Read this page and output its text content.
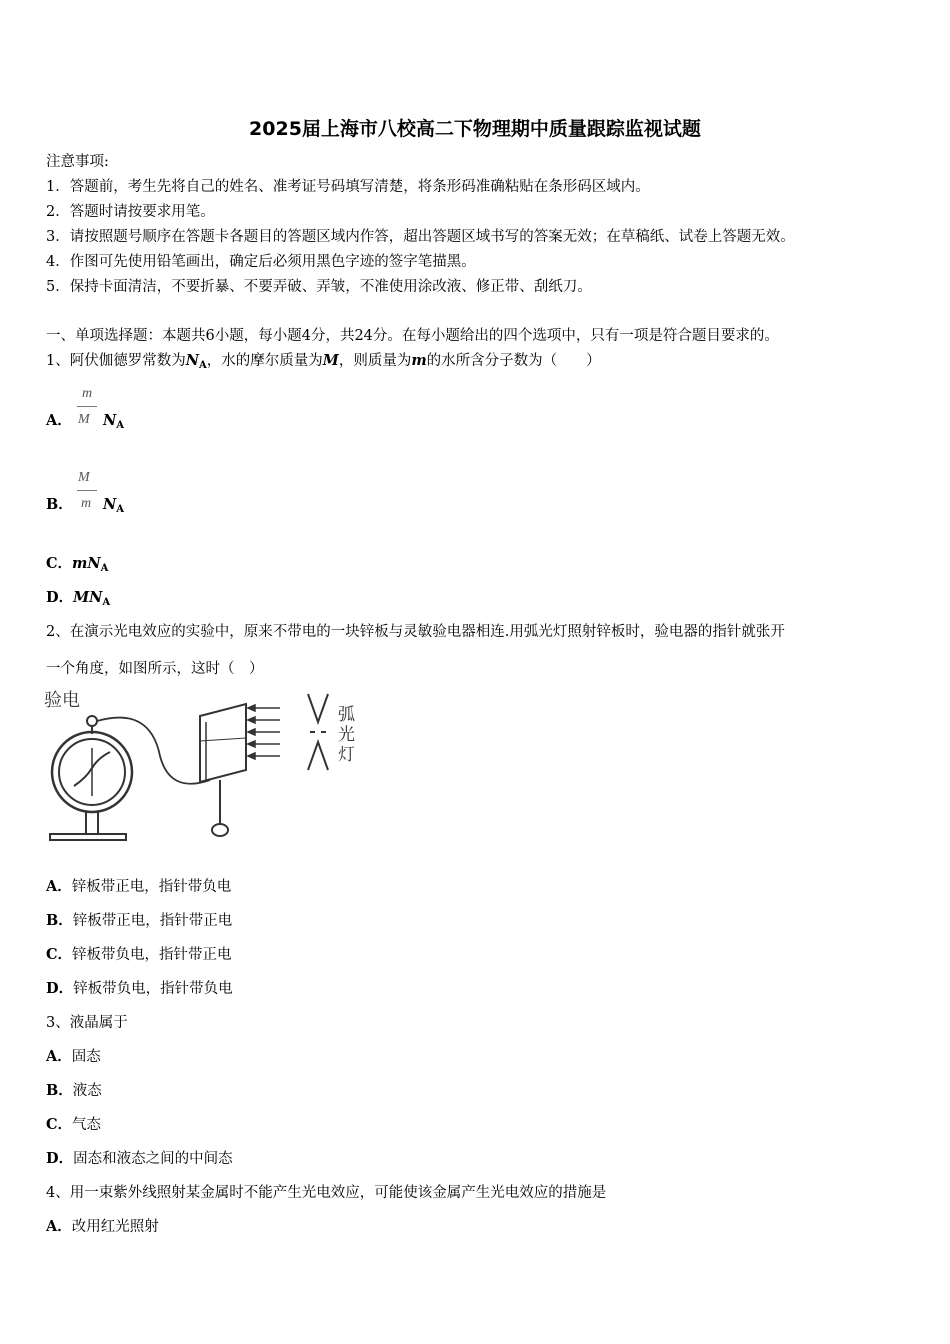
2025届上海市八校高二下物理期中质量跟踪监视试题
注意事项:
1．答题前，考生先将自己的姓名、准考证号码填写清楚，将条形码准确粘贴在条形码区域内。
2．答题时请按要求用笔。
3．请按照题号顺序在答题卡各题目的答题区域内作答，超出答题区域书写的答案无效；在草稿纸、试卷上答题无效。
4．作图可先使用铅笔画出，确定后必须用黑色字迹的签字笔描黑。
5．保持卡面清洁，不要折暴、不要弄破、弄皱，不准使用涂改液、修正带、刮纸刀。
一、单项选择题：本题共6小题，每小题4分，共24分。在每小题给出的四个选项中，只有一项是符合题目要求的。
1、阿伏伽德罗常数为$N_A$，水的摩尔质量为M，则质量为m的水所含分子数为（　　）
A．
m
M $N_A$
B．
M
m $N_A$
C．$mN_A$
D．$MN_A$
2、在演示光电效应的实验中，原来不带电的一块锌板与灵敏验电器相连.用弧光灯照射锌板时，验电器的指针就张开
一个角度，如图所示，这时（　）
验电
弧
光
灯
A．锌板带正电，指针带负电
B．锌板带正电，指针带正电
C．锌板带负电，指针带正电
D．锌板带负电，指针带负电
3、液晶属于
A．固态
B．液态
C．气态
D．固态和液态之间的中间态
4、用一束紫外线照射某金属时不能产生光电效应，可能使该金属产生光电效应的措施是
A．改用红光照射
